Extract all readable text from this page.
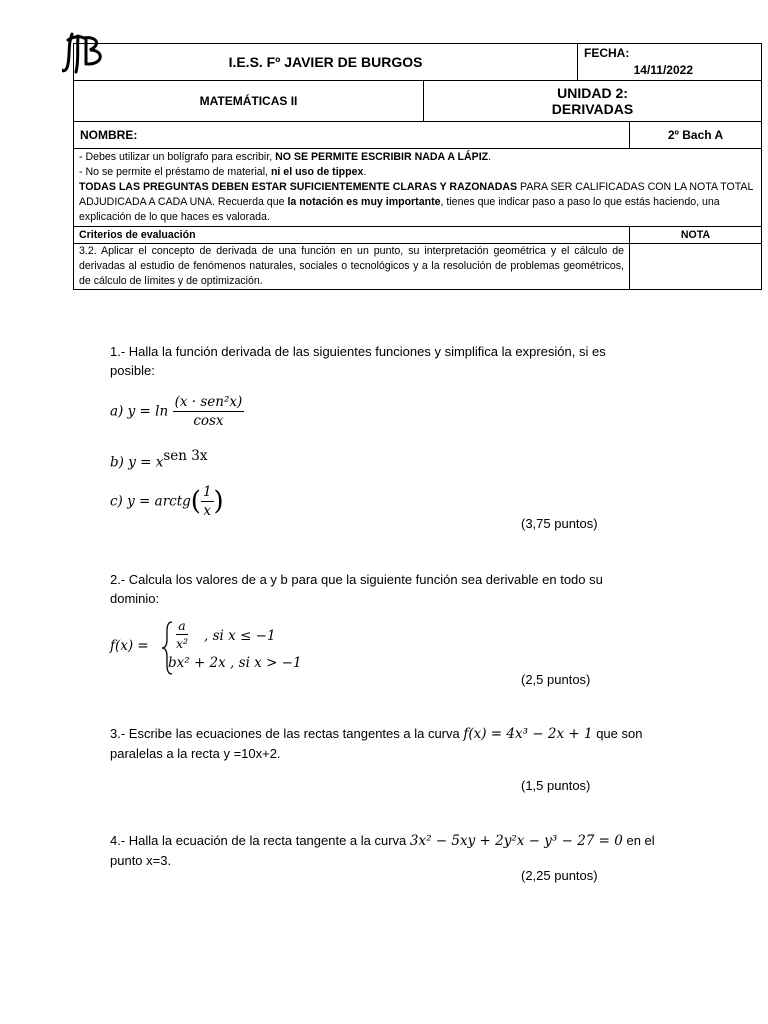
I.E.S. Fº JAVIER DE BURGOS		FECHA:
14/11/2022	

MATEMÁTICAS II	UNIDAD 2:
DERIVADAS		
NOMBRE:			2º Bach A
- Debes utilizar un bolígrafo para escribir, NO SE PERMITE ESCRIBIR NADA A LÁPIZ.
- No se permite el préstamo de material, ni el uso de tippex.
TODAS LAS PREGUNTAS DEBEN ESTAR SUFICIENTEMENTE CLARAS Y RAZONADAS PARA SER CALIFICADAS CON LA NOTA TOTAL ADJUDICADA A CADA UNA. Recuerda que la notación es muy importante, tienes que indicar paso a paso lo que estás haciendo, una explicación de lo que haces es valorada.			
Criterios de evaluación			NOTA
3.2. Aplicar el concepto de derivada de una función en un punto, su interpretación geométrica y el cálculo de derivadas al estudio de fenómenos naturales, sociales o tecnológicos y a la resolución de problemas geométricos, de cálculo de límites y de optimización.			
1.- Halla la función derivada de las siguientes funciones y simplifica la expresión, si es posible:
a) $y = \ln \frac{\text{(x · sen²x)}}{\cos x}$
b) $y = x^{sen 3x}$
c) y = arctg( $\frac{1}{x}$ )
(3,75 puntos)
2.- Calcula los valores de a y b para que la siguiente función sea derivable en todo su dominio:
$f(x) = \frac{a}{\text{x²}}$ , si x ≤ −1
bx² + 2x , si x > −1
(2,5 puntos)
3.- Escribe las ecuaciones de las rectas tangentes a la curva f(x) = 4x³ − 2x + 1 que son paralelas a la recta y =10x+2.
(1,5 puntos)
4.- Halla la ecuación de la recta tangente a la curva 3x² − 5xy + 2y²x − y³ − 27 = 0 en el punto x=3.
(2,25 puntos)
